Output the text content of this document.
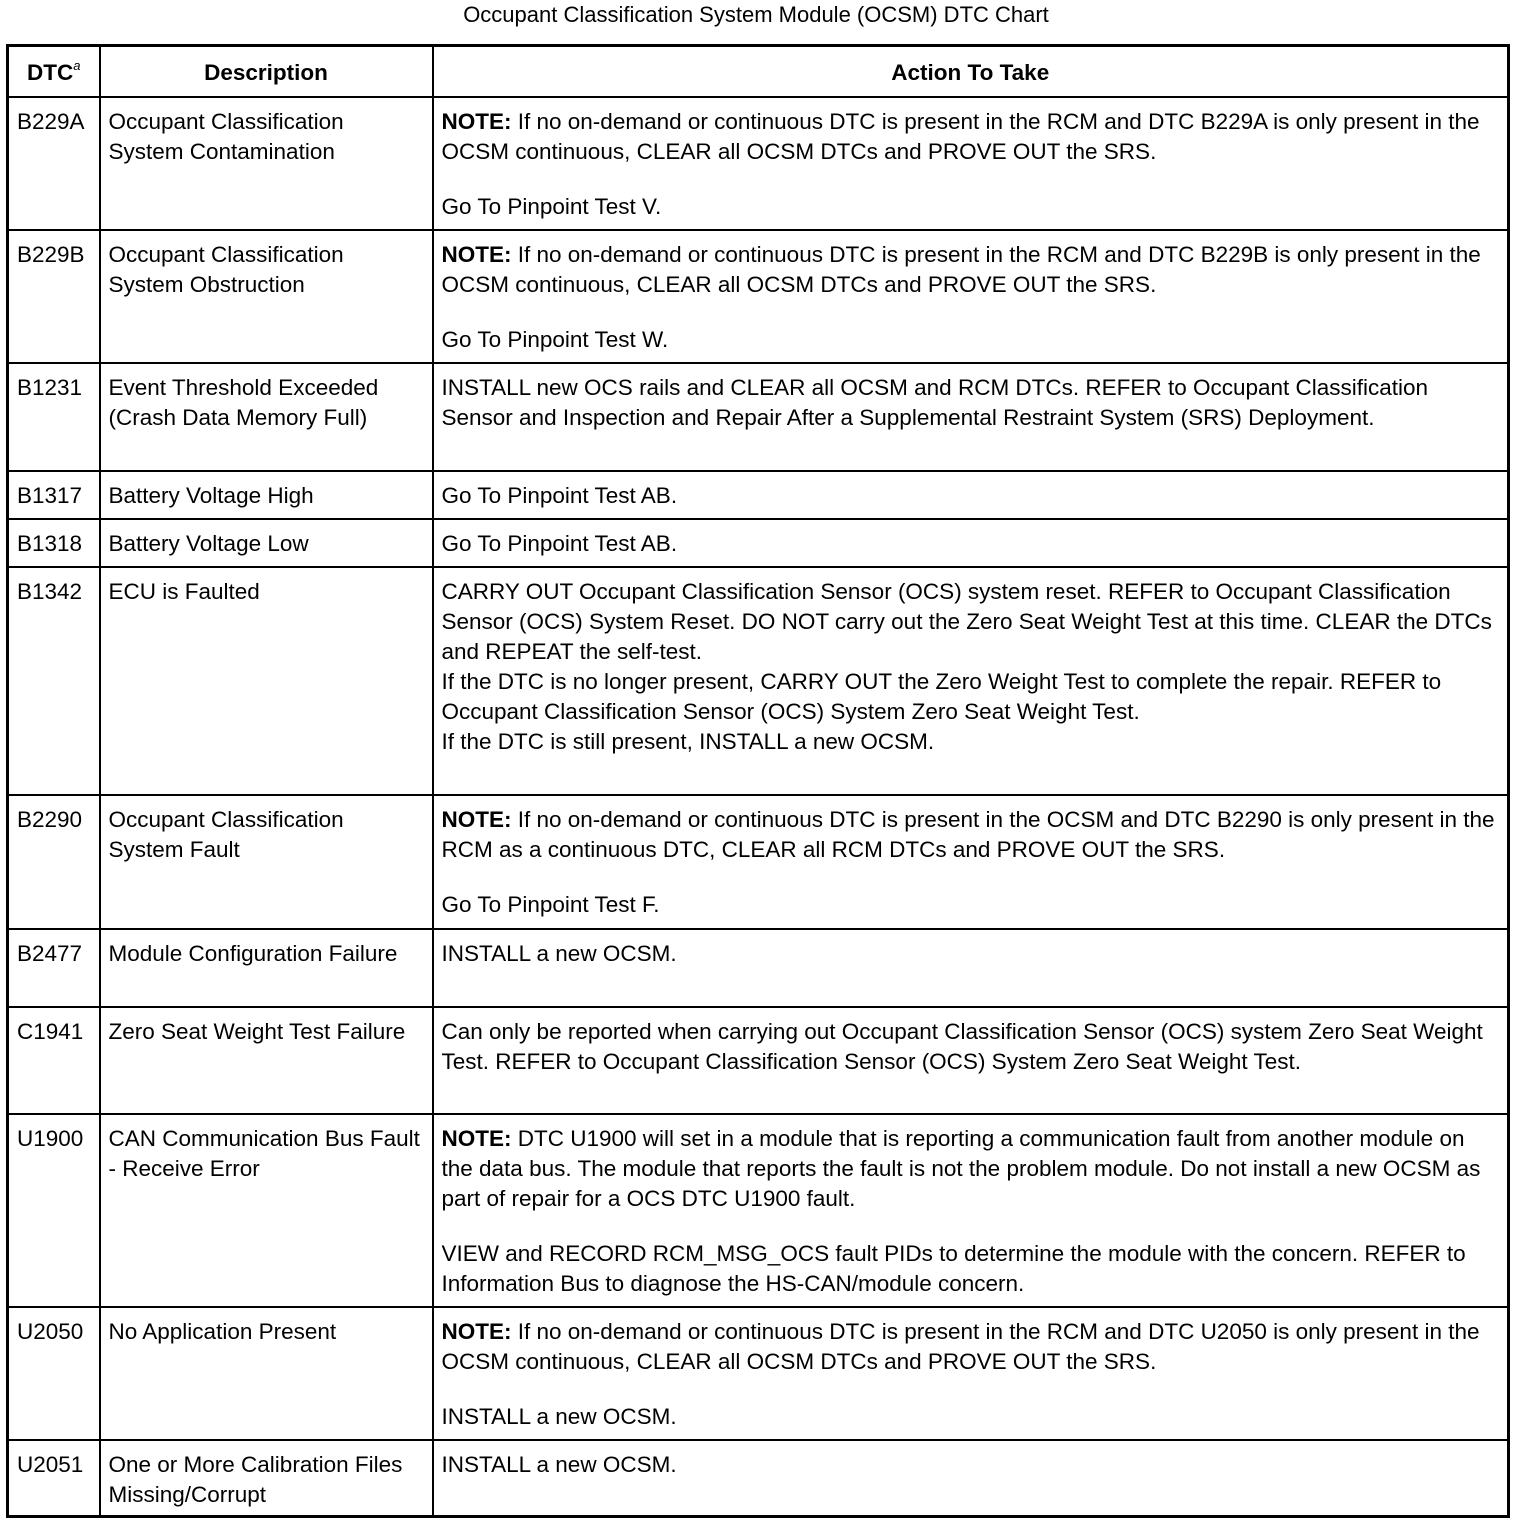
Occupant Classification System Module (OCSM) DTC Chart
DTC$^a$	Description	Action To Take
B229A	Occupant Classification System Contamination	NOTE: If no on-demand or continuous DTC is present in the RCM and DTC B229A is only present in the OCSM continuous, CLEAR all OCSM DTCs and PROVE OUT the SRS.
Go To Pinpoint Test V.

B229B	Occupant Classification System Obstruction	NOTE: If no on-demand or continuous DTC is present in the RCM and DTC B229B is only present in the OCSM continuous, CLEAR all OCSM DTCs and PROVE OUT the SRS.
Go To Pinpoint Test W.

B1231	Event Threshold Exceeded (Crash Data Memory Full)	INSTALL new OCS rails and CLEAR all OCSM and RCM DTCs. REFER to Occupant Classification Sensor and Inspection and Repair After a Supplemental Restraint System (SRS) Deployment.
B1317	Battery Voltage High	Go To Pinpoint Test AB.
B1318	Battery Voltage Low	Go To Pinpoint Test AB.
B1342	ECU is Faulted	CARRY OUT Occupant Classification Sensor (OCS) system reset. REFER to Occupant Classification Sensor (OCS) System Reset. DO NOT carry out the Zero Seat Weight Test at this time. CLEAR the DTCs and REPEAT the self-test.
If the DTC is no longer present, CARRY OUT the Zero Weight Test to complete the repair. REFER to Occupant Classification Sensor (OCS) System Zero Seat Weight Test.
If the DTC is still present, INSTALL a new OCSM.

B2290	Occupant Classification System Fault	NOTE: If no on-demand or continuous DTC is present in the OCSM and DTC B2290 is only present in the RCM as a continuous DTC, CLEAR all RCM DTCs and PROVE OUT the SRS.
Go To Pinpoint Test F.

B2477	Module Configuration Failure	INSTALL a new OCSM.
C1941	Zero Seat Weight Test Failure	Can only be reported when carrying out Occupant Classification Sensor (OCS) system Zero Seat Weight Test. REFER to Occupant Classification Sensor (OCS) System Zero Seat Weight Test.
U1900	CAN Communication Bus Fault - Receive Error	NOTE: DTC U1900 will set in a module that is reporting a communication fault from another module on the data bus. The module that reports the fault is not the problem module. Do not install a new OCSM as part of repair for a OCS DTC U1900 fault.
VIEW and RECORD RCM_MSG_OCS fault PIDs to determine the module with the concern. REFER to Information Bus to diagnose the HS-CAN/module concern.

U2050	No Application Present	NOTE: If no on-demand or continuous DTC is present in the RCM and DTC U2050 is only present in the OCSM continuous, CLEAR all OCSM DTCs and PROVE OUT the SRS.
INSTALL a new OCSM.

U2051	One or More Calibration Files Missing/Corrupt	INSTALL a new OCSM.
